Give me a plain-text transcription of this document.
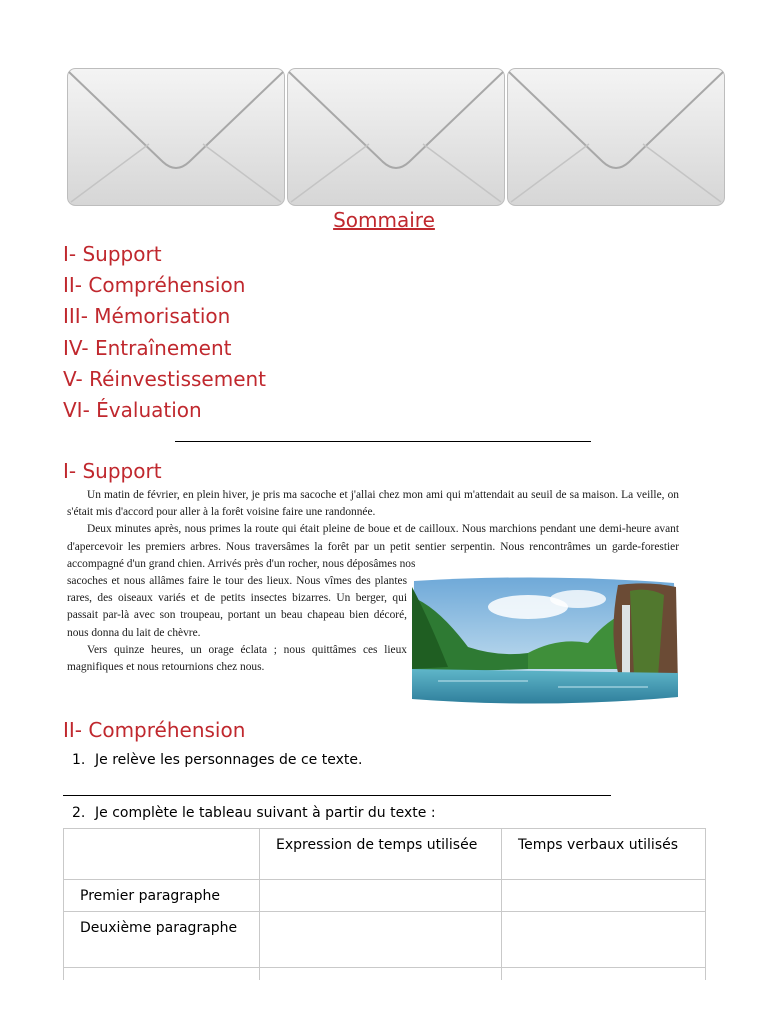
Sommaire
I- Support
II- Compréhension
III- Mémorisation
IV- Entraînement
V- Réinvestissement
VI- Évaluation
I- Support

Un matin de février, en plein hiver, je pris ma sacoche et j'allai chez mon ami qui m'attendait au seuil de sa maison. La veille, on s'était mis d'accord pour aller à la forêt voisine faire une randonnée.

Deux minutes après, nous primes la route qui était pleine de boue et de cailloux. Nous marchions pendant une demi-heure avant d'apercevoir les premiers arbres. Nous traversâmes la forêt par un petit sentier serpentin. Nous rencontrâmes un garde-forestier accompagné d'un grand chien. Arrivés près d'un rocher, nous déposâmes nos

sacoches et nous allâmes faire le tour des lieux. Nous vîmes des plantes rares, des oiseaux variés et de petits insectes bizarres. Un berger, qui passait par-là avec son troupeau, portant un beau chapeau bien décoré, nous donna du lait de chèvre.

Vers quinze heures, un orage éclata ; nous quittâmes ces lieux magnifiques et nous retournions chez nous.

II- Compréhension
1. Je relève les personnages de ce texte.
2. Je complète le tableau suivant à partir du texte :
	Expression de temps utilisée	Temps verbaux utilisés
Premier paragraphe		
Deuxième paragraphe		
